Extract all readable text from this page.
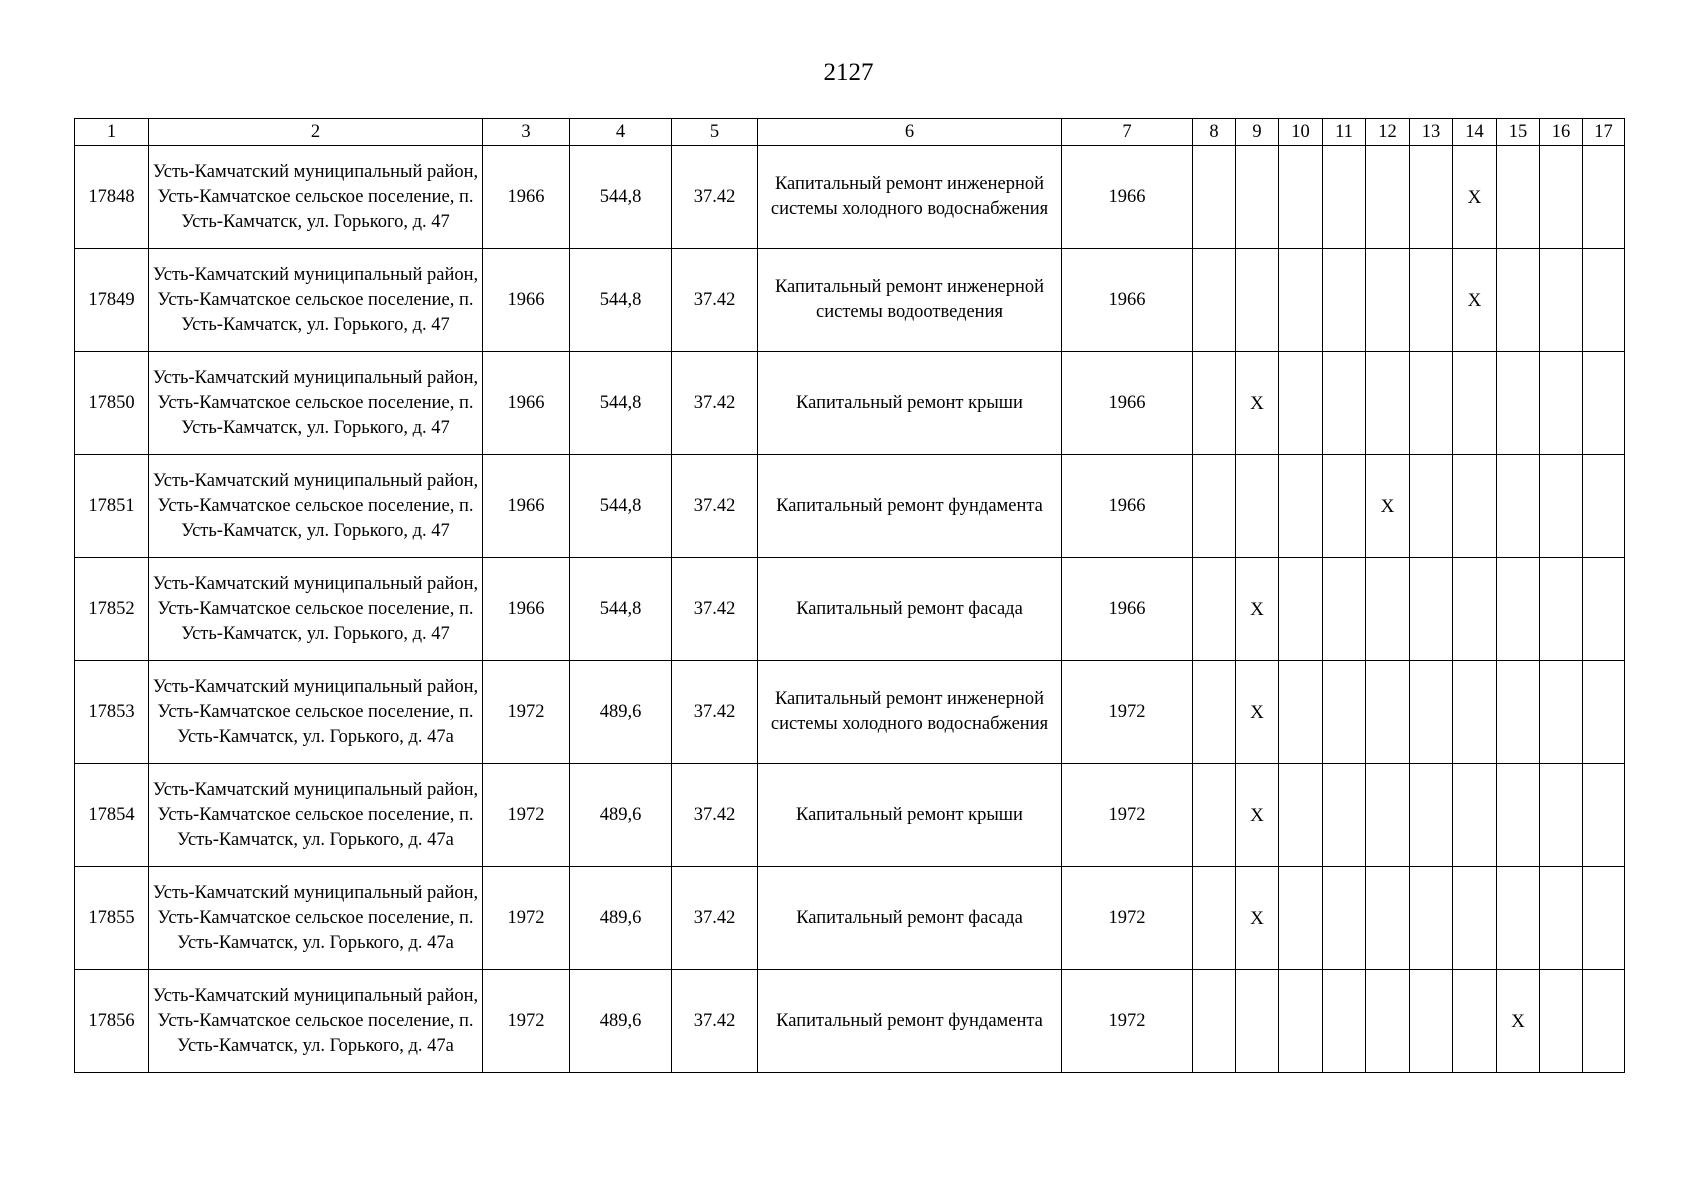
2127
1	2	3	4	5	6	7	8	9	10	11	12	13	14	15	16	17
17848	Усть-Камчатский муниципальный район, Усть-Камчатское сельское поселение, п. Усть-Камчатск, ул. Горького, д. 47	1966	544,8	37.42	Капитальный ремонт инженерной системы холодного водоснабжения	1966							X			
17849	Усть-Камчатский муниципальный район, Усть-Камчатское сельское поселение, п. Усть-Камчатск, ул. Горького, д. 47	1966	544,8	37.42	Капитальный ремонт инженерной системы водоотведения	1966							X			
17850	Усть-Камчатский муниципальный район, Усть-Камчатское сельское поселение, п. Усть-Камчатск, ул. Горького, д. 47	1966	544,8	37.42	Капитальный ремонт крыши	1966		X								
17851	Усть-Камчатский муниципальный район, Усть-Камчатское сельское поселение, п. Усть-Камчатск, ул. Горького, д. 47	1966	544,8	37.42	Капитальный ремонт фундамента	1966					X					
17852	Усть-Камчатский муниципальный район, Усть-Камчатское сельское поселение, п. Усть-Камчатск, ул. Горького, д. 47	1966	544,8	37.42	Капитальный ремонт фасада	1966		X								
17853	Усть-Камчатский муниципальный район, Усть-Камчатское сельское поселение, п. Усть-Камчатск, ул. Горького, д. 47а	1972	489,6	37.42	Капитальный ремонт инженерной системы холодного водоснабжения	1972		X								
17854	Усть-Камчатский муниципальный район, Усть-Камчатское сельское поселение, п. Усть-Камчатск, ул. Горького, д. 47а	1972	489,6	37.42	Капитальный ремонт крыши	1972		X								
17855	Усть-Камчатский муниципальный район, Усть-Камчатское сельское поселение, п. Усть-Камчатск, ул. Горького, д. 47а	1972	489,6	37.42	Капитальный ремонт фасада	1972		X								
17856	Усть-Камчатский муниципальный район, Усть-Камчатское сельское поселение, п. Усть-Камчатск, ул. Горького, д. 47а	1972	489,6	37.42	Капитальный ремонт фундамента	1972								X		
